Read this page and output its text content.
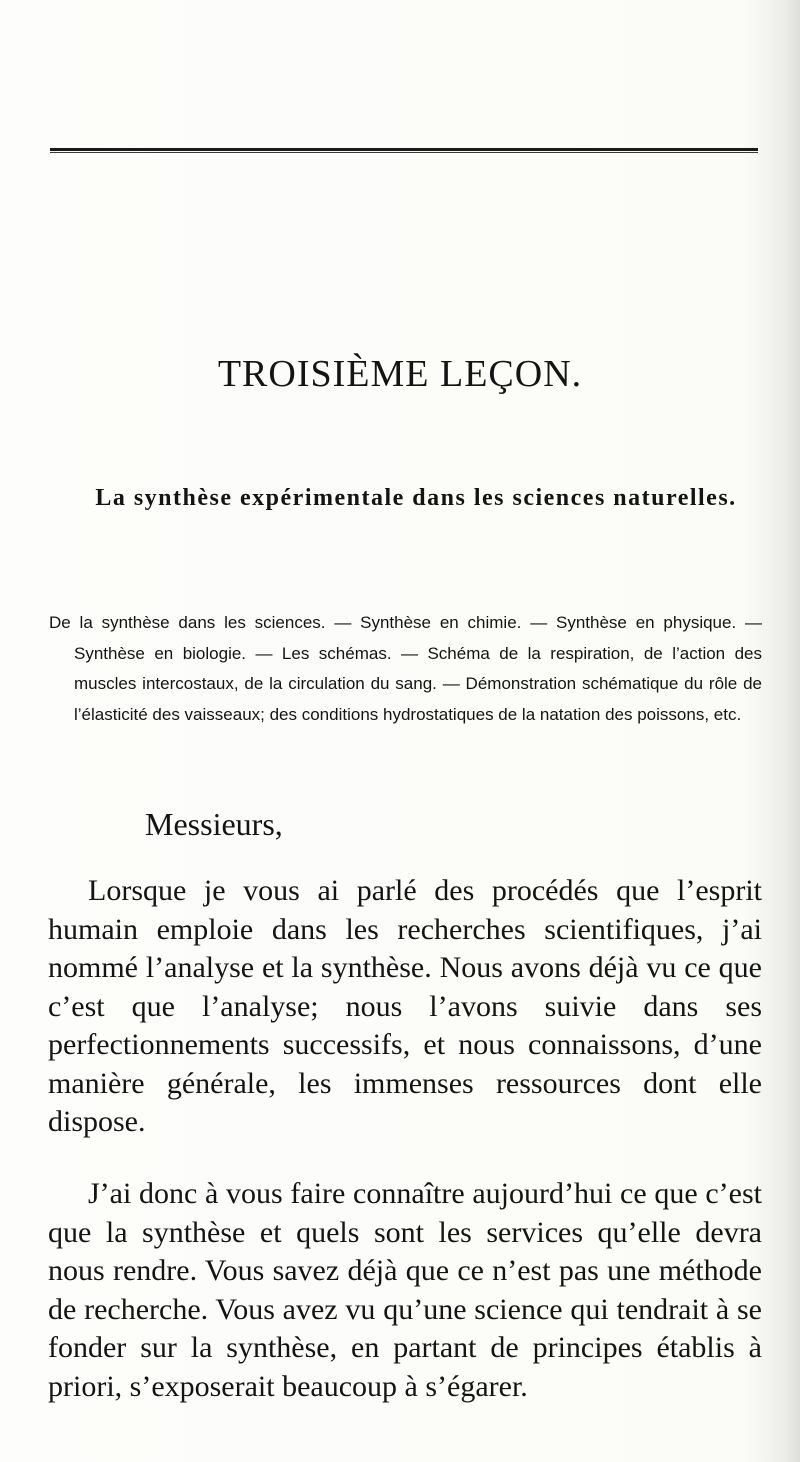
TROISIÈME LEÇON.
La synthèse expérimentale dans les sciences naturelles.

De la synthèse dans les sciences. — Synthèse en chimie. — Synthèse en physique. — Synthèse en biologie. — Les schémas. — Schéma de la respiration, de l’action des muscles intercostaux, de la circulation du sang. — Démonstration schématique du rôle de l’élasticité des vaisseaux; des conditions hydrostatiques de la natation des poissons, etc.

Messieurs,

Lorsque je vous ai parlé des procédés que l’esprit humain emploie dans les recherches scientifiques, j’ai nommé l’analyse et la synthèse. Nous avons déjà vu ce que c’est que l’analyse; nous l’avons suivie dans ses perfectionnements successifs, et nous connaissons, d’une manière générale, les immenses ressources dont elle dispose.

J’ai donc à vous faire connaître aujourd’hui ce que c’est que la synthèse et quels sont les services qu’elle devra nous rendre. Vous savez déjà que ce n’est pas une méthode de recherche. Vous avez vu qu’une science qui tendrait à se fonder sur la synthèse, en partant de principes établis à priori, s’exposerait beaucoup à s’égarer.
